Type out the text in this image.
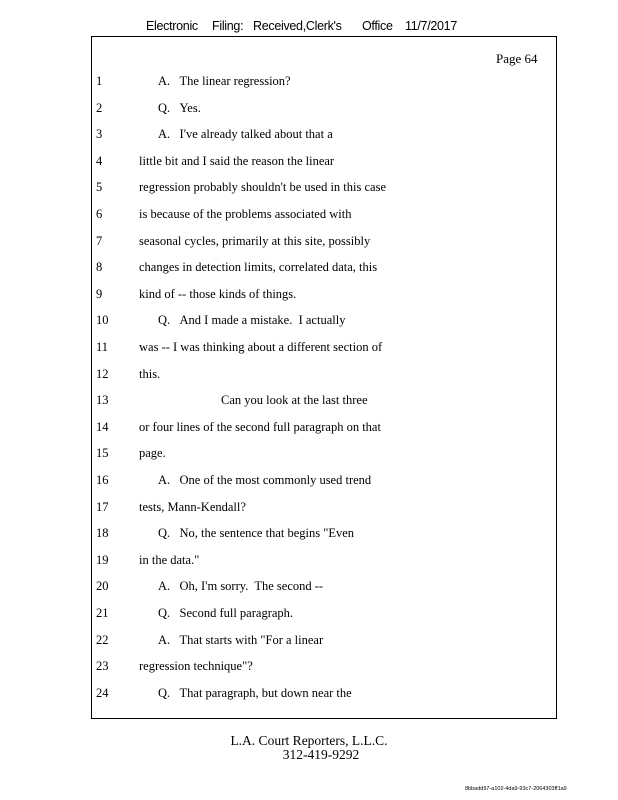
Electronic Filing: Received,Clerk's Office 11/7/2017
Page 64
1	A.   The linear regression?
2	Q.   Yes.
3	A.   I've already talked about that a
4	little bit and I said the reason the linear
5	regression probably shouldn't be used in this case
6	is because of the problems associated with
7	seasonal cycles, primarily at this site, possibly
8	changes in detection limits, correlated data, this
9	kind of -- those kinds of things.
10	Q.   And I made a mistake.  I actually
11	was -- I was thinking about a different section of
12	this.
13	Can you look at the last three
14	or four lines of the second full paragraph on that
15	page.
16	A.   One of the most commonly used trend
17	tests, Mann-Kendall?
18	Q.   No, the sentence that begins "Even
19	in the data."
20	A.   Oh, I'm sorry.  The second --
21	Q.   Second full paragraph.
22	A.   That starts with "For a linear
23	regression technique"?
24	Q.   That paragraph, but down near the
L.A. Court Reporters, L.L.C.
312-419-9292
8bbadd97-a102-4da9-93c7-2064303ff1a9
